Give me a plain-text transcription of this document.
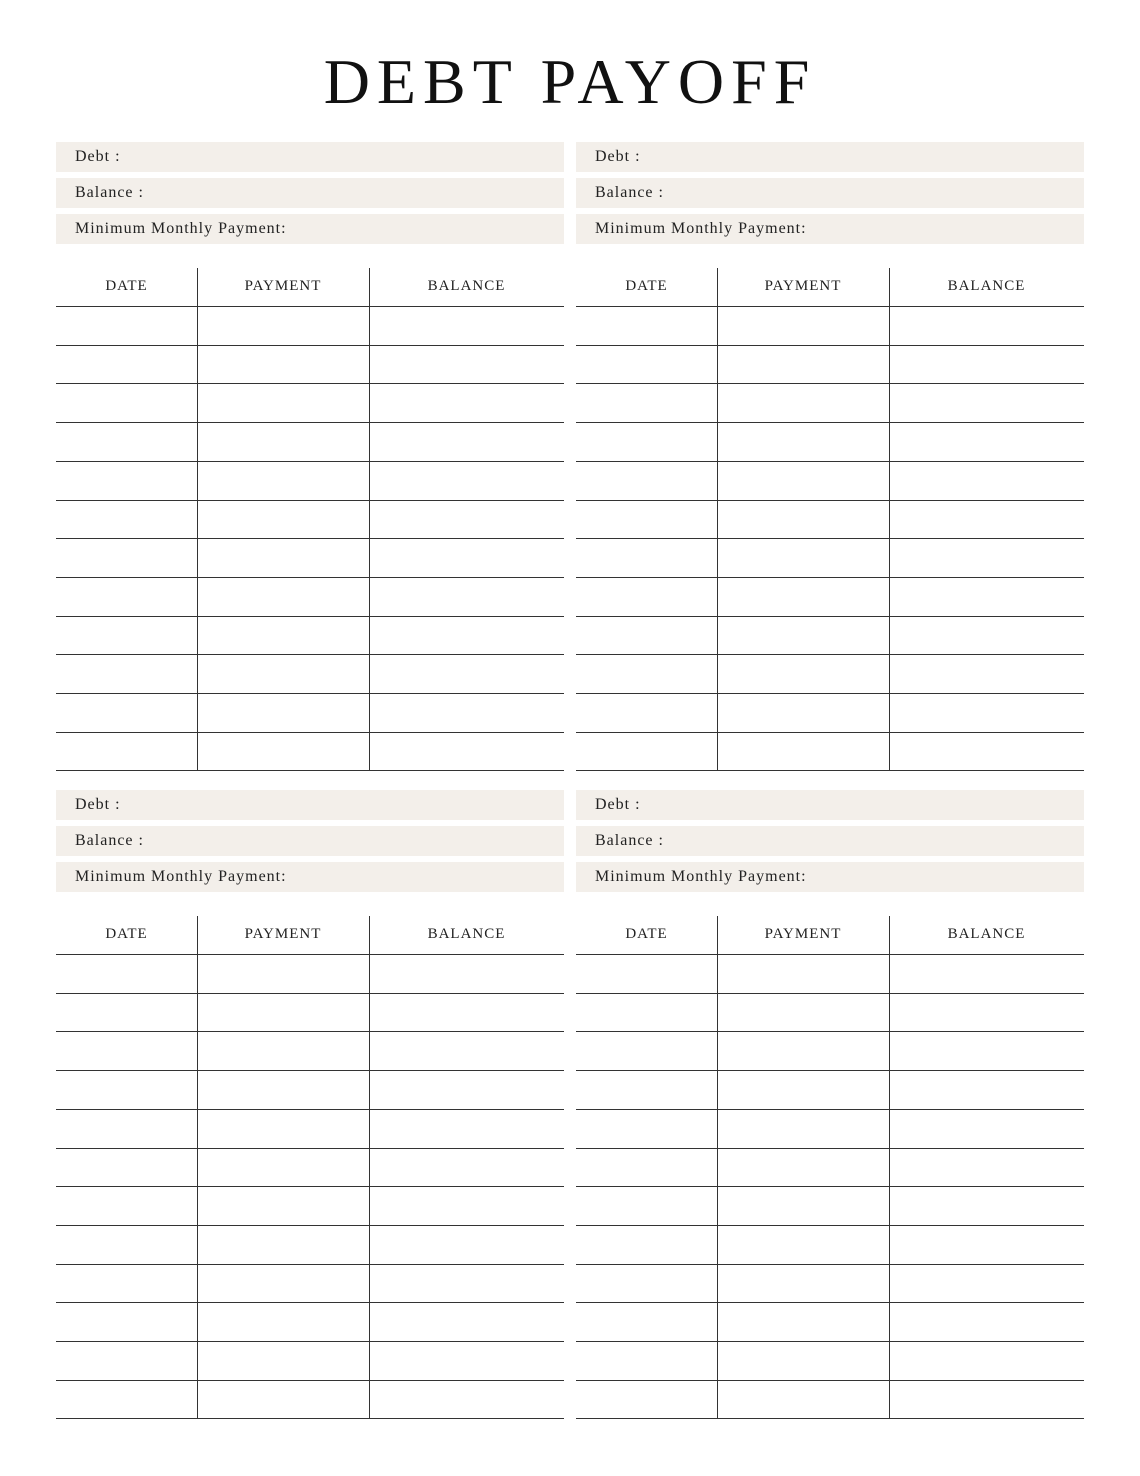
DEBT PAYOFF
Debt :
Balance :
Minimum Monthly Payment:
DATE	PAYMENT	BALANCE
Debt :
Balance :
Minimum Monthly Payment:
DATE	PAYMENT	BALANCE
Debt :
Balance :
Minimum Monthly Payment:
DATE	PAYMENT	BALANCE
Debt :
Balance :
Minimum Monthly Payment:
DATE	PAYMENT	BALANCE
